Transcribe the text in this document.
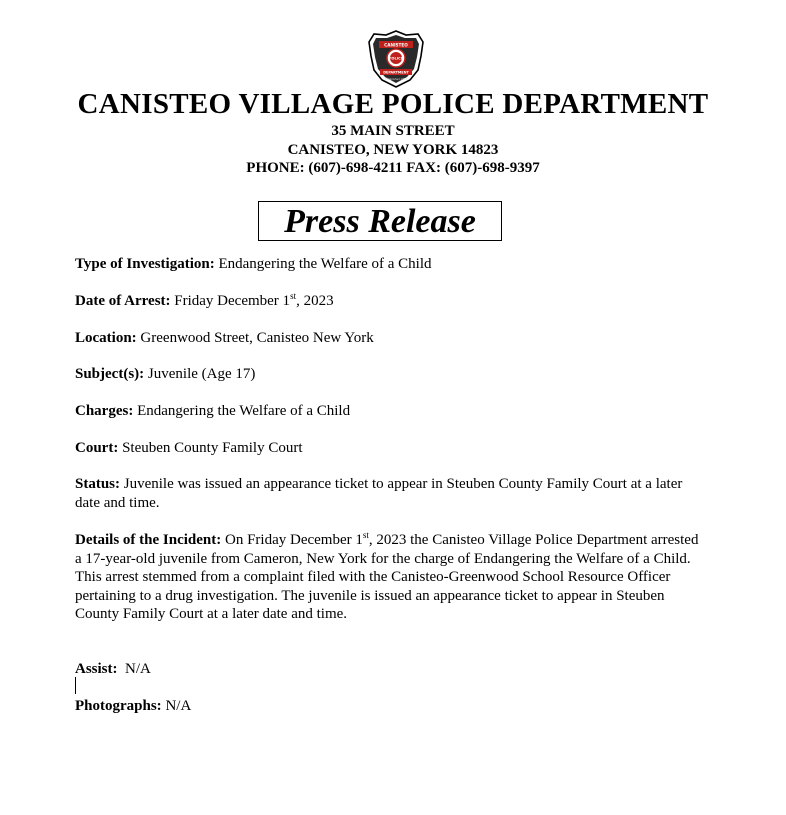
CANISTEO
POLICE
DEPARTMENT
Established 1873
CANISTEO VILLAGE POLICE DEPARTMENT
35 MAIN STREET
CANISTEO, NEW YORK 14823
PHONE: (607)-698-4211 FAX: (607)-698-9397
Press Release
Type of Investigation: Endangering the Welfare of a Child
Date of Arrest: Friday December 1st, 2023
Location: Greenwood Street, Canisteo New York
Subject(s): Juvenile (Age 17)
Charges: Endangering the Welfare of a Child
Court: Steuben County Family Court
Status: Juvenile was issued an appearance ticket to appear in Steuben County Family Court at a later date and time.
Details of the Incident: On Friday December 1st, 2023 the Canisteo Village Police Department arrested a 17-year-old juvenile from Cameron, New York for the charge of Endangering the Welfare of a Child. This arrest stemmed from a complaint filed with the Canisteo-Greenwood School Resource Officer pertaining to a drug investigation. The juvenile is issued an appearance ticket to appear in Steuben County Family Court at a later date and time.
Assist:  N/A
Photographs: N/A
